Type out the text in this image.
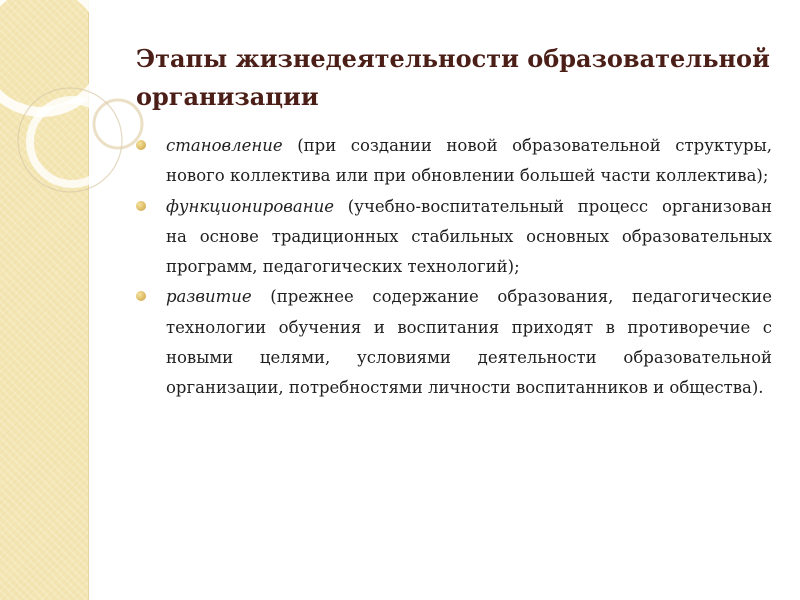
Этапы жизнедеятельности образовательной организации
становление (при создании новой образовательной структуры, нового коллектива или при обновлении большей части коллектива);
функционирование (учебно-воспитательный процесс организован на основе традиционных стабильных основных образовательных программ, педагогических технологий);
развитие (прежнее содержание образования, педагогические технологии обучения и воспитания приходят в противоречие с новыми целями, условиями деятельности образовательной организации, потребностями личности воспитанников и общества).
